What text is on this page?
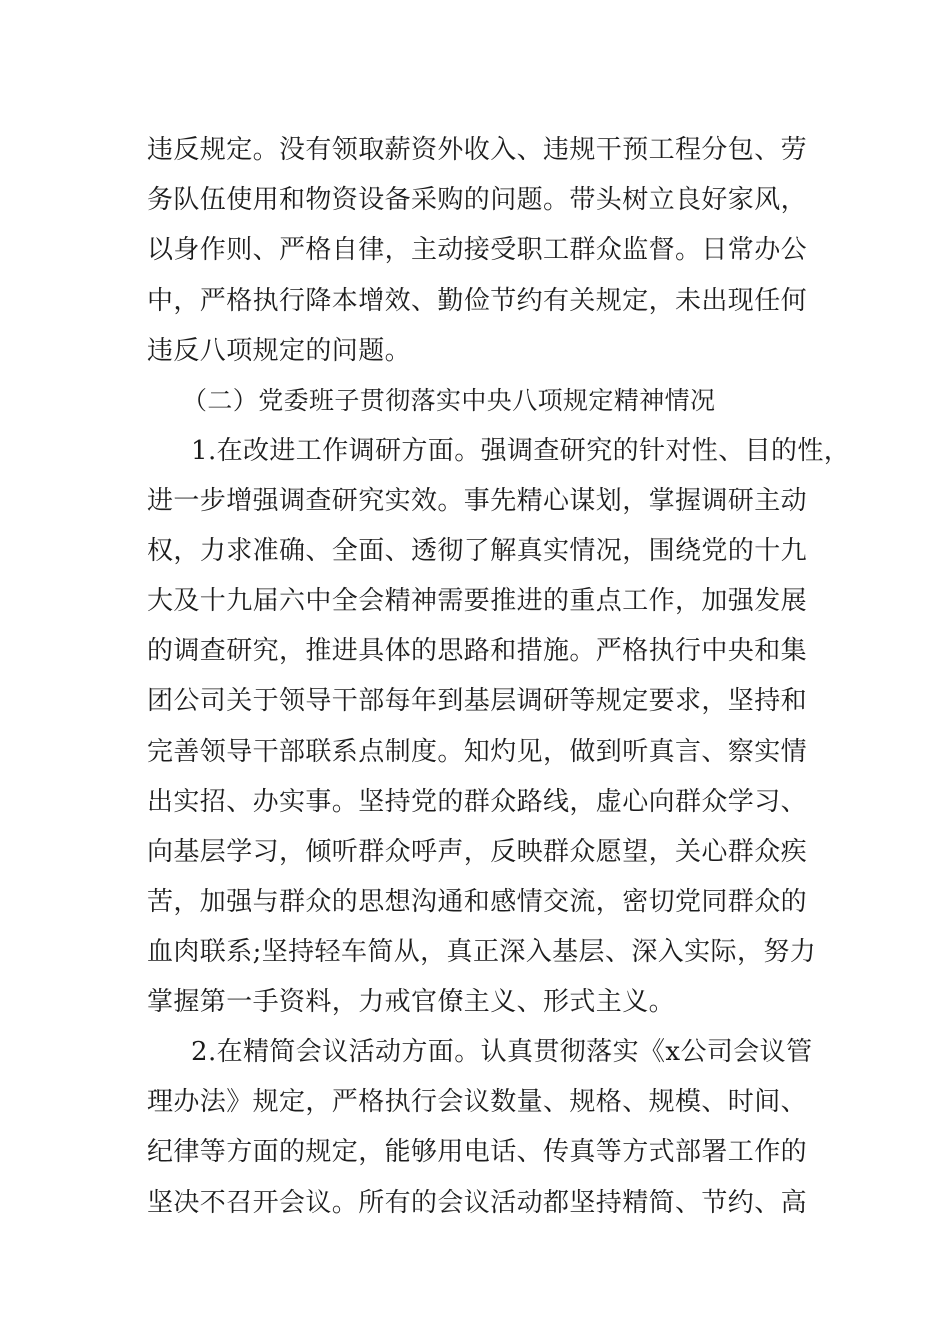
违反规定。没有领取薪资外收入、违规干预工程分包、劳
务队伍使用和物资设备采购的问题。带头树立良好家风，
以身作则、严格自律，主动接受职工群众监督。日常办公
中，严格执行降本增效、勤俭节约有关规定，未出现任何
违反八项规定的问题。
（二）党委班子贯彻落实中央八项规定精神情况
1.在改进工作调研方面。强调查研究的针对性、目的性，
进一步增强调查研究实效。事先精心谋划，掌握调研主动
权，力求准确、全面、透彻了解真实情况，围绕党的十九
大及十九届六中全会精神需要推进的重点工作，加强发展
的调查研究，推进具体的思路和措施。严格执行中央和集
团公司关于领导干部每年到基层调研等规定要求，坚持和
完善领导干部联系点制度。知灼见，做到听真言、察实情
出实招、办实事。坚持党的群众路线，虚心向群众学习、
向基层学习，倾听群众呼声，反映群众愿望，关心群众疾
苦，加强与群众的思想沟通和感情交流，密切党同群众的
血肉联系;坚持轻车简从，真正深入基层、深入实际，努力
掌握第一手资料，力戒官僚主义、形式主义。
2.在精简会议活动方面。认真贯彻落实《x公司会议管
理办法》规定，严格执行会议数量、规格、规模、时间、
纪律等方面的规定，能够用电话、传真等方式部署工作的
坚决不召开会议。所有的会议活动都坚持精简、节约、高
